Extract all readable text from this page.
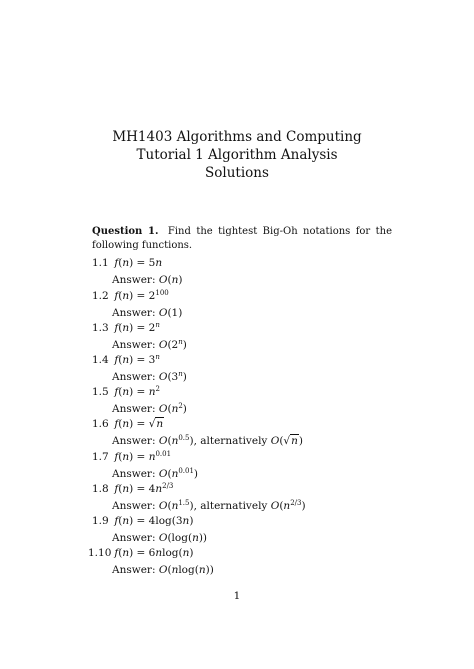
MH1403 Algorithms and Computing
Tutorial 1 Algorithm Analysis
Solutions
Question 1. Find the tightest Big-Oh notations for the following functions.
1.1 f(n) = 5n
Answer: O(n)
1.2 $f(n) = 2^{100}$
Answer: O(1)
1.3 $f(n) = 2^n$
Answer: O(2$^n$)
1.4 $f(n) = 3^n$
Answer: O(3$^n$)
1.5 $f(n) = n^2$
Answer: $O(n^2)$
1.6 f(n) = √n
Answer: $O(n^{0.5})$, alternatively O(√n)
1.7 $f(n) = n^{0.01}$
Answer: $O(n^{0.01})$
1.8 $f(n) = 4n^{2/3}$
Answer: $O(n^{1.5})$, alternatively $O(n^{2/3})$
1.9 f(n) = 4log(3n)
Answer: O(log(n))
1.10 f(n) = 6nlog(n)
Answer: O(nlog(n))
1
